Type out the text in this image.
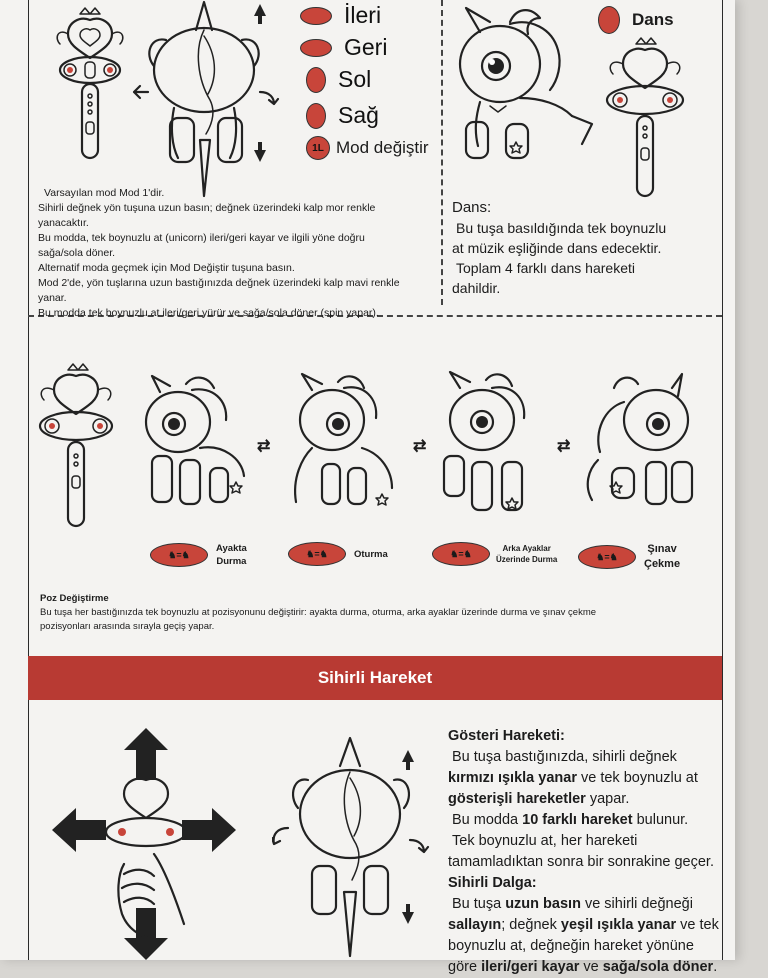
İleri
Geri
Sol
Sağ
1L Mod değiştir
Varsayılan mod Mod 1'dir.
Sihirli değnek yön tuşuna uzun basın; değnek üzerindeki kalp mor renkle
yanacaktır.
Bu modda, tek boynuzlu at (unicorn) ileri/geri kayar ve ilgili yöne doğru
sağa/sola döner.
Alternatif moda geçmek için Mod Değiştir tuşuna basın.
Mod 2'de, yön tuşlarına uzun bastığınızda değnek üzerindeki kalp mavi renkle
yanar.
Bu modda tek boynuzlu at ileri/geri yürür ve sağa/sola döner (spin yapar).
Dans
Dans:
Bu tuşa basıldığında tek boynuzlu
at müzik eşliğinde dans edecektir.
Toplam 4 farklı dans hareketi
dahildir.
⇄	⇄	⇄
♞=♞
Ayakta
Durma
♞=♞	Oturma	♞=♞	Arka Ayaklar
Üzerinde Durma	♞=♞
Şınav
Çekme
Poz Değiştirme
Bu tuşa her bastığınızda tek boynuzlu at pozisyonunu değiştirir: ayakta durma, oturma, arka ayaklar üzerinde durma ve şınav çekme
pozisyonları arasında sırayla geçiş yapar.
Sihirli Hareket
Gösteri Hareketi:
Bu tuşa bastığınızda, sihirli değnek
kırmızı ışıkla yanar ve tek boynuzlu at
gösterişli hareketler yapar.
Bu modda 10 farklı hareket bulunur.
Tek boynuzlu at, her hareketi
tamamladıktan sonra bir sonrakine geçer.
Sihirli Dalga:
Bu tuşa uzun basın ve sihirli değneği
sallayın; değnek yeşil ışıkla yanar ve tek
boynuzlu at, değneğin hareket yönüne
göre ileri/geri kayar ve sağa/sola döner.
